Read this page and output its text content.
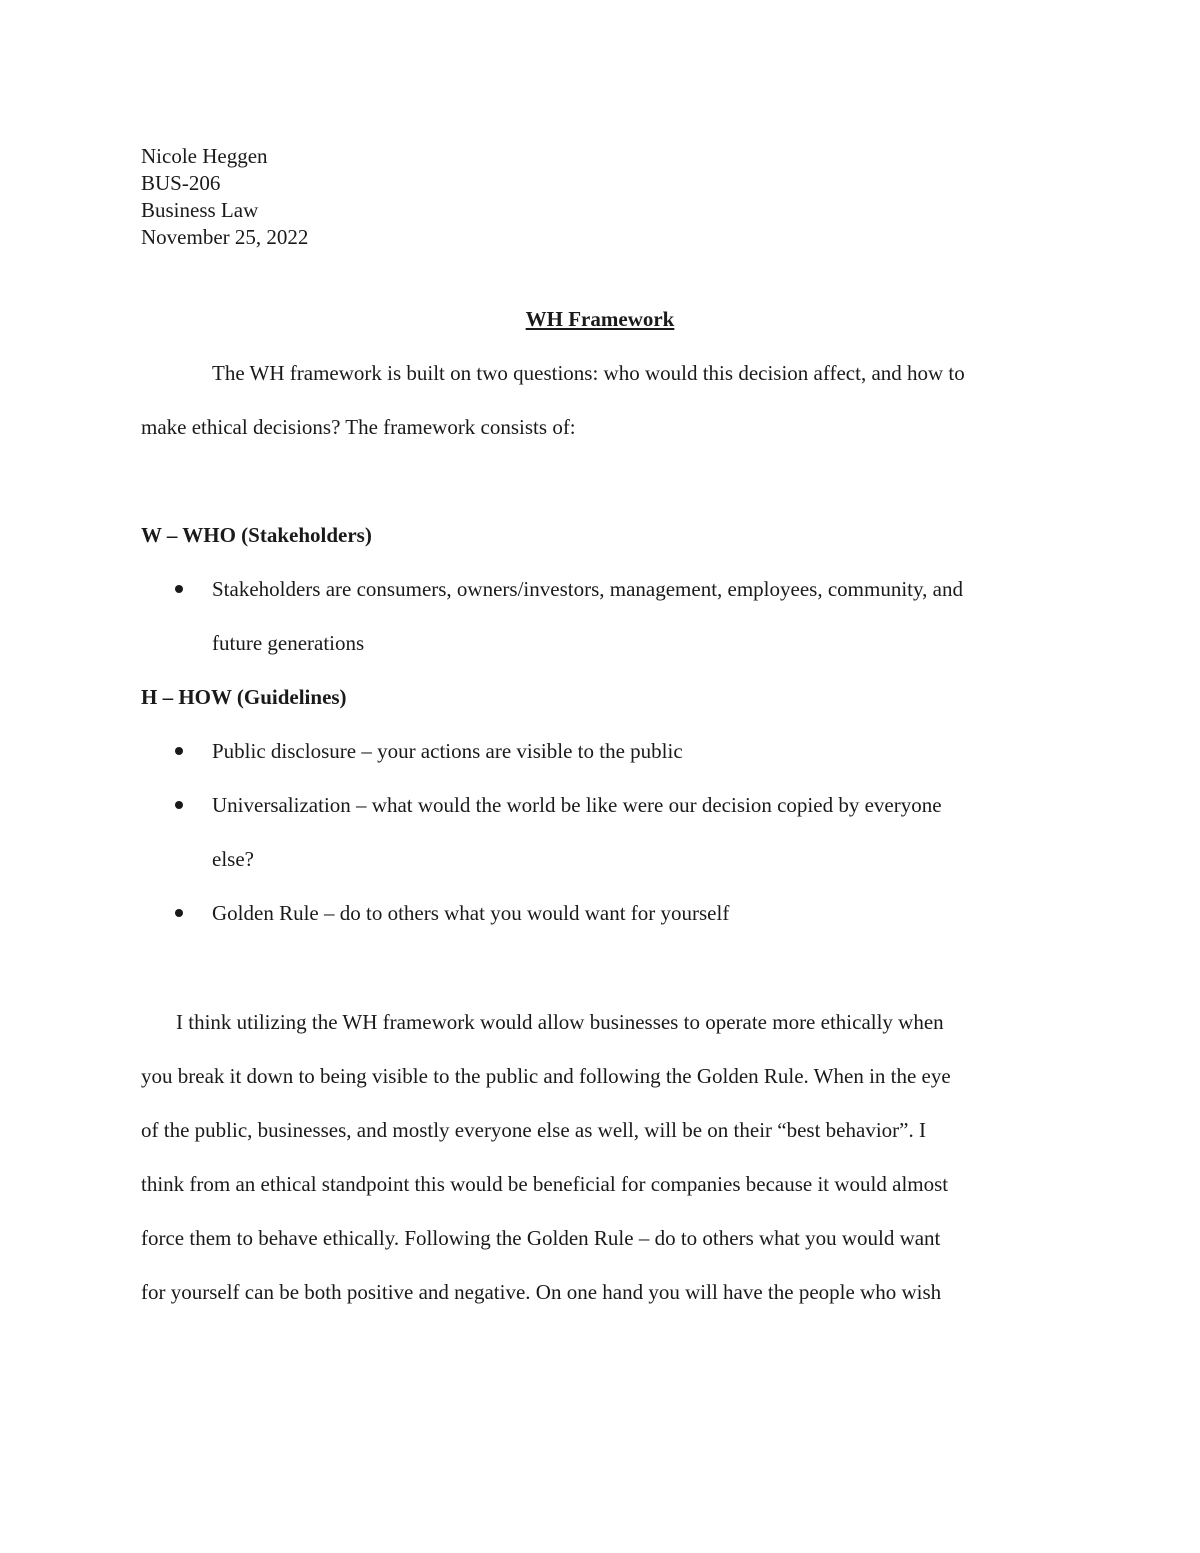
Nicole Heggen
BUS-206
Business Law
November 25, 2022
WH Framework
The WH framework is built on two questions: who would this decision affect, and how to
make ethical decisions? The framework consists of:
W – WHO (Stakeholders)
Stakeholders are consumers, owners/investors, management, employees, community, and
future generations
H – HOW (Guidelines)
Public disclosure – your actions are visible to the public
Universalization – what would the world be like were our decision copied by everyone
else?
Golden Rule – do to others what you would want for yourself
I think utilizing the WH framework would allow businesses to operate more ethically when
you break it down to being visible to the public and following the Golden Rule. When in the eye
of the public, businesses, and mostly everyone else as well, will be on their “best behavior”. I
think from an ethical standpoint this would be beneficial for companies because it would almost
force them to behave ethically. Following the Golden Rule – do to others what you would want
for yourself can be both positive and negative. On one hand you will have the people who wish
